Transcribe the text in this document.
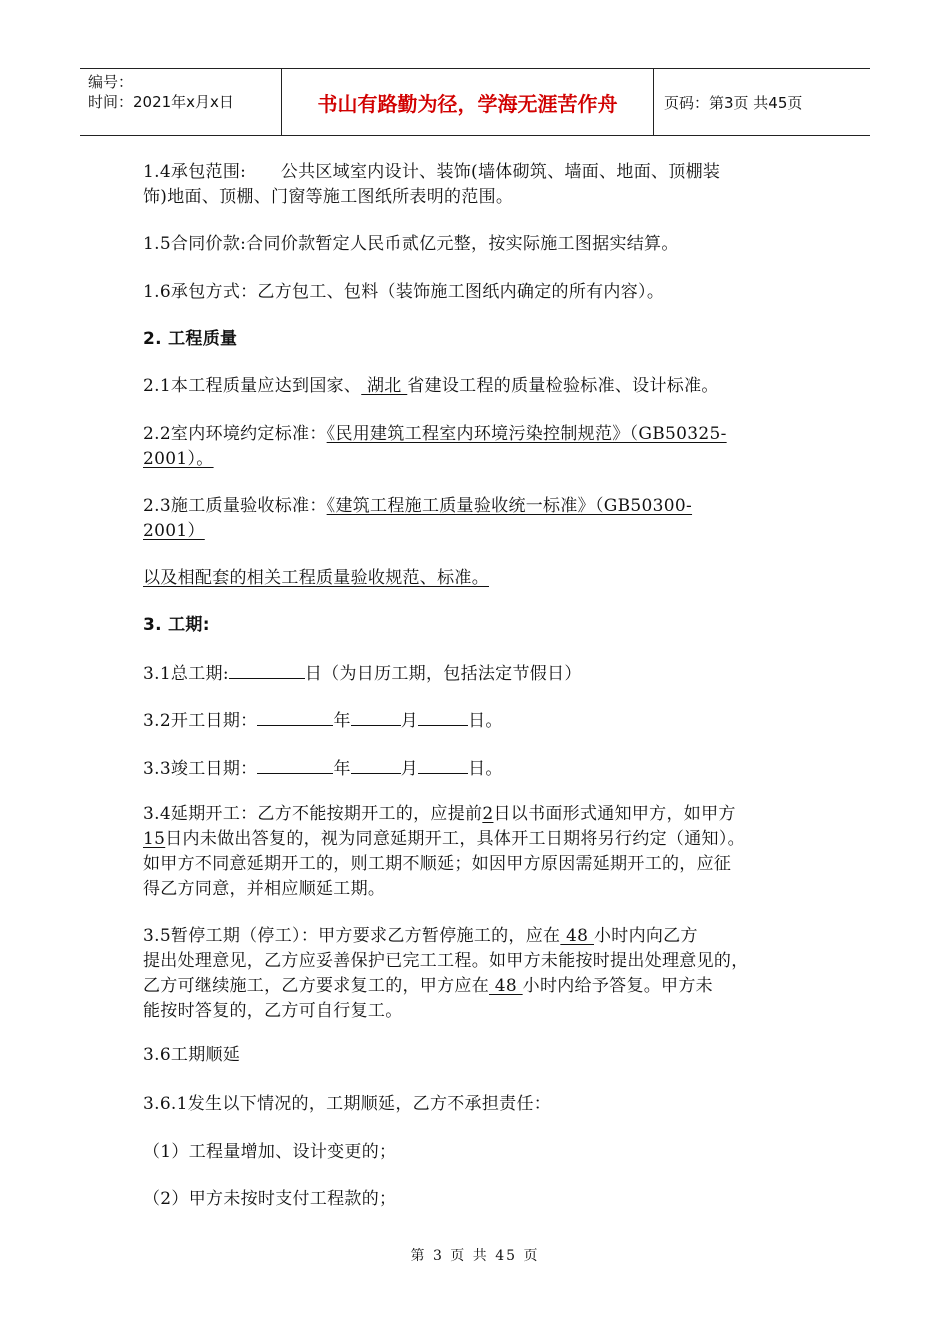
编号：
时间：2021年x月x日	书山有路勤为径，学海无涯苦作舟	页码：第3页 共45页

1.4承包范围:　　公共区域室内设计、装饰(墙体砌筑、墙面、地面、顶棚装
饰)地面、顶棚、门窗等施工图纸所表明的范围。

1.5合同价款:合同价款暂定人民币贰亿元整，按实际施工图据实结算。

1.6承包方式：乙方包工、包料（装饰施工图纸内确定的所有内容）。

2. 工程质量

2.1本工程质量应达到国家、 湖北 省建设工程的质量检验标准、设计标准。

2.2室内环境约定标准：《民用建筑工程室内环境污染控制规范》（GB50325-
2001）。

2.3施工质量验收标准：《建筑工程施工质量验收统一标准》（GB50300-
2001）

以及相配套的相关工程质量验收规范、标准。

3. 工期:

3.1总工期:	日（为日历工期，包括法定节假日）

3.2开工日期：	年	月	日。

3.3竣工日期：	年	月	日。

3.4延期开工：乙方不能按期开工的，应提前2日以书面形式通知甲方，如甲方
15日内未做出答复的，视为同意延期开工，具体开工日期将另行约定（通知）。
如甲方不同意延期开工的，则工期不顺延；如因甲方原因需延期开工的，应征
得乙方同意，并相应顺延工期。

3.5暂停工期（停工）：甲方要求乙方暂停施工的，应在 48 小时内向乙方
提出处理意见，乙方应妥善保护已完工工程。如甲方未能按时提出处理意见的，
乙方可继续施工，乙方要求复工的，甲方应在 48 小时内给予答复。甲方未
能按时答复的，乙方可自行复工。

3.6工期顺延

3.6.1发生以下情况的，工期顺延，乙方不承担责任：

（1）工程量增加、设计变更的；

（2）甲方未按时支付工程款的；

第 3 页 共 45 页
